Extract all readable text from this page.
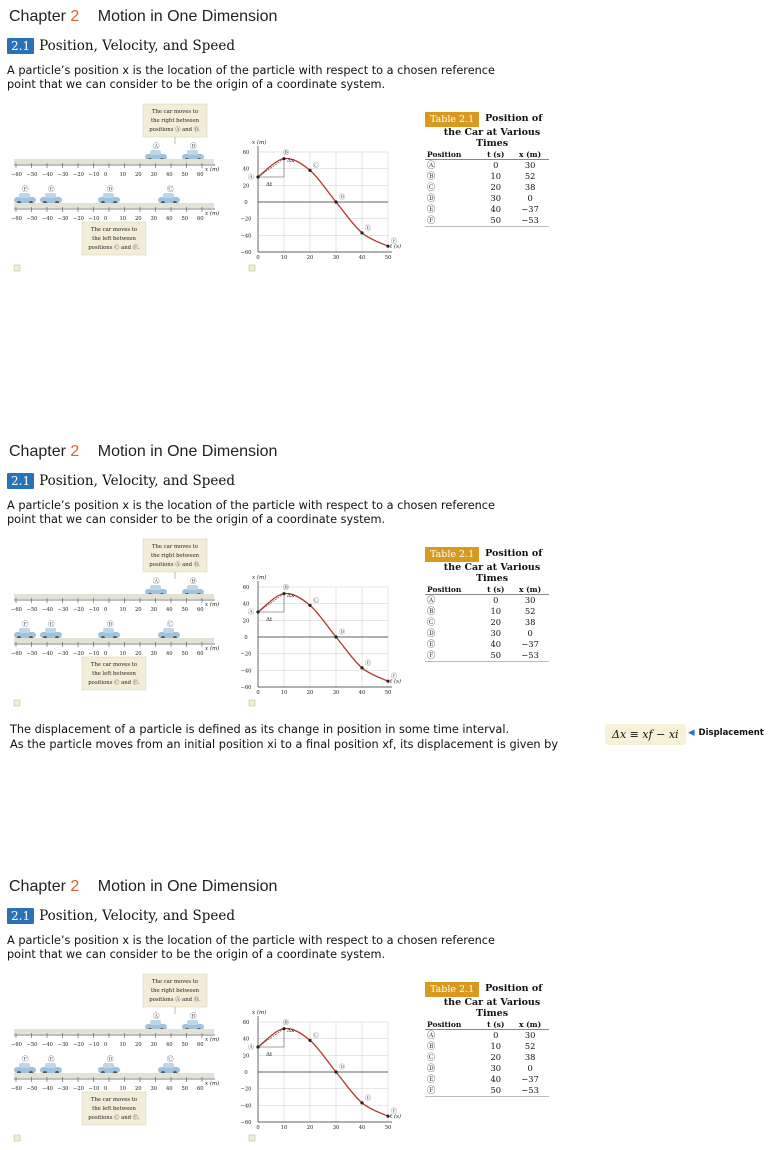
Chapter 2 Motion in One Dimension
2.1 Position, Velocity, and Speed
A particle’s position x is the location of the particle with respect to a chosen reference
point that we can consider to be the origin of a coordinate system.
The car moves to
the right between
positions Ⓐ and Ⓑ.
Ⓐ	Ⓑ
−60 −50 −40 −30 −20 −10 0 10 20 30 40 50 60
x (m)
Ⓕ	Ⓔ	Ⓓ	Ⓒ
−60 −50 −40 −30 −20 −10 0 10 20 30 40 50 60
x (m)
The car moves to
the left between
positions Ⓒ and Ⓕ.
x (m)
t (s)
60
40
20
0
−20
−40
−60
0	10	20	30	40	50
Δx
Δt
Ⓐ
Ⓑ
Ⓒ
Ⓓ
Ⓔ
Ⓕ
Table 2.1	Position of
the Car at Various Times
Position	t (s)	x (m)
Ⓐ	0	30
Ⓑ	10	52
Ⓒ	20	38
Ⓓ	30	0
Ⓔ	40	−37
Ⓕ	50	−53
Chapter 2 Motion in One Dimension
2.1 Position, Velocity, and Speed
A particle’s position x is the location of the particle with respect to a chosen reference
point that we can consider to be the origin of a coordinate system.
The car moves to
the right between
positions Ⓐ and Ⓑ.
Ⓐ	Ⓑ
−60 −50 −40 −30 −20 −10 0 10 20 30 40 50 60
x (m)
Ⓕ	Ⓔ	Ⓓ	Ⓒ
−60 −50 −40 −30 −20 −10 0 10 20 30 40 50 60
x (m)
The car moves to
the left between
positions Ⓒ and Ⓕ.
x (m)
t (s)
60
40
20
0
−20
−40
−60
0	10	20	30	40	50
Δx
Δt
Ⓐ
Ⓑ
Ⓒ
Ⓓ
Ⓔ
Ⓕ
Table 2.1	Position of
the Car at Various Times
Position	t (s)	x (m)
Ⓐ	0	30
Ⓑ	10	52
Ⓒ	20	38
Ⓓ	30	0
Ⓔ	40	−37
Ⓕ	50	−53
Chapter 2 Motion in One Dimension
2.1 Position, Velocity, and Speed
A particle’s position x is the location of the particle with respect to a chosen reference
point that we can consider to be the origin of a coordinate system.
The car moves to
the right between
positions Ⓐ and Ⓑ.
Ⓐ	Ⓑ
−60 −50 −40 −30 −20 −10 0 10 20 30 40 50 60
x (m)
Ⓕ	Ⓔ	Ⓓ	Ⓒ
−60 −50 −40 −30 −20 −10 0 10 20 30 40 50 60
x (m)
The car moves to
the left between
positions Ⓒ and Ⓕ.
x (m)
t (s)
60
40
20
0
−20
−40
−60
0	10	20	30	40	50
Δx
Δt
Ⓐ
Ⓑ
Ⓒ
Ⓓ
Ⓔ
Ⓕ
Table 2.1	Position of
the Car at Various Times
Position	t (s)	x (m)
Ⓐ	0	30
Ⓑ	10	52
Ⓒ	20	38
Ⓓ	30	0
Ⓔ	40	−37
Ⓕ	50	−53
The displacement of a particle is defined as its change in position in some time interval.
As the particle moves from an initial position xi to a final position xf, its displacement is given by
Δx ≡ xf − xi	◀ Displacement
